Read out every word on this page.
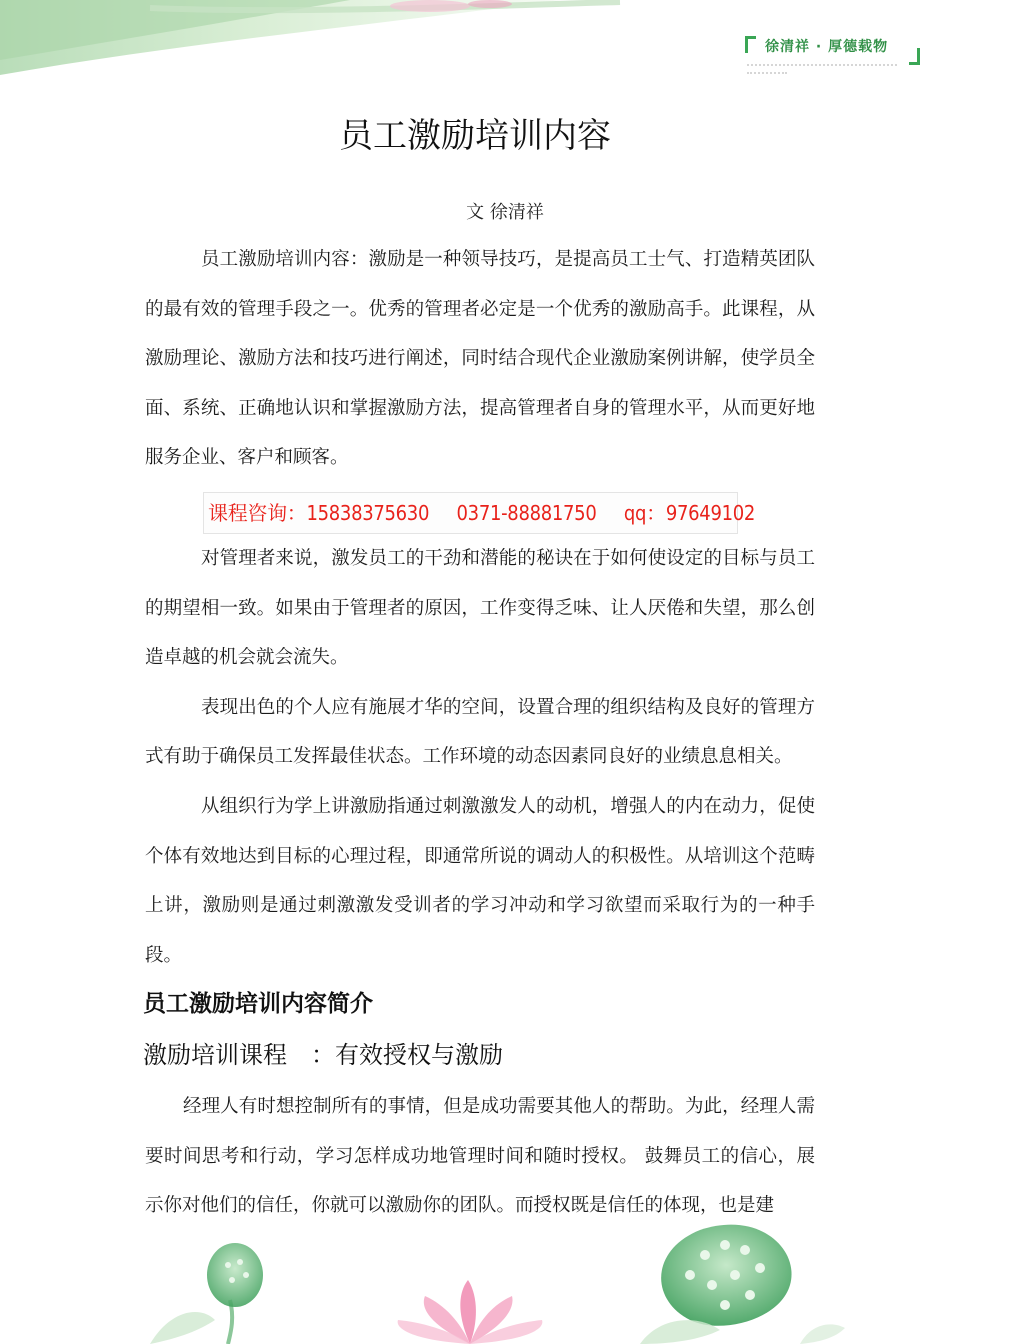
徐清祥 · 厚德载物
员工激励培训内容
文 徐清祥

员工激励培训内容：激励是一种领导技巧，是提高员工士气、打造精英团队的最有效的管理手段之一。优秀的管理者必定是一个优秀的激励高手。此课程，从激励理论、激励方法和技巧进行阐述，同时结合现代企业激励案例讲解，使学员全面、系统、正确地认识和掌握激励方法，提高管理者自身的管理水平，从而更好地服务企业、客户和顾客。

课程咨询：15838375630 0371-88881750 qq：97649102

对管理者来说，激发员工的干劲和潜能的秘诀在于如何使设定的目标与员工的期望相一致。如果由于管理者的原因，工作变得乏味、让人厌倦和失望，那么创造卓越的机会就会流失。

表现出色的个人应有施展才华的空间，设置合理的组织结构及良好的管理方式有助于确保员工发挥最佳状态。工作环境的动态因素同良好的业绩息息相关。

从组织行为学上讲激励指通过刺激激发人的动机，增强人的内在动力，促使个体有效地达到目标的心理过程，即通常所说的调动人的积极性。从培训这个范畴上讲，激励则是通过刺激激发受训者的学习冲动和学习欲望而采取行为的一种手段。

员工激励培训内容简介
激励培训课程 ：有效授权与激励

经理人有时想控制所有的事情，但是成功需要其他人的帮助。为此，经理人需要时间思考和行动，学习怎样成功地管理时间和随时授权。 鼓舞员工的信心，展示你对他们的信任，你就可以激励你的团队。而授权既是信任的体现，也是建
